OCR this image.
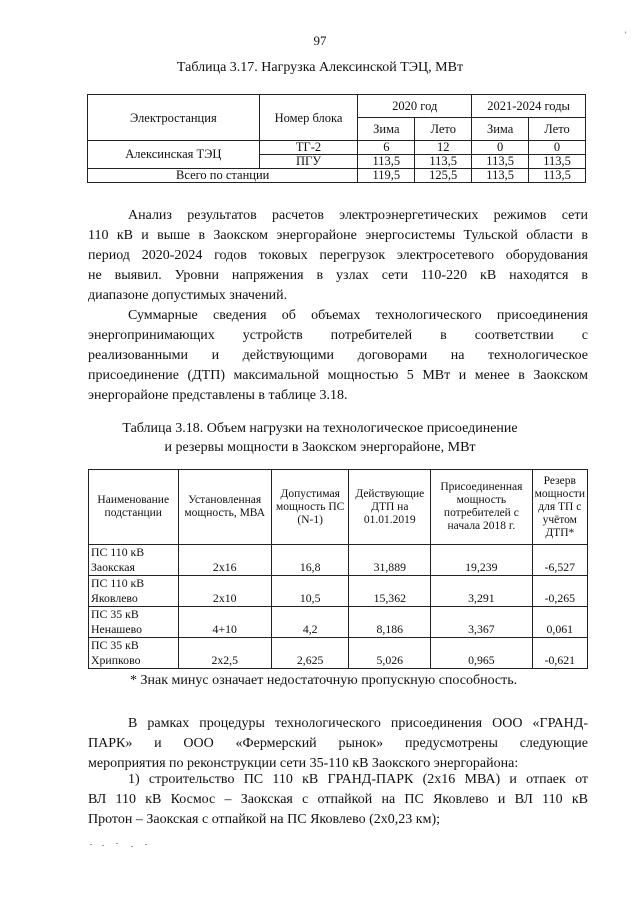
97	ʼ
Таблица 3.17. Нагрузка Алексинской ТЭЦ, МВт
Электростанция	Номер блока	2020 год		2021-2024 годы	
		Зима	Лето	Зима	Лето
Алексинская ТЭЦ	ТГ-2	6	12	0	0
	ПГУ	113,5	113,5	113,5	113,5
Всего по станции		119,5	125,5	113,5	113,5
Анализ результатов расчетов электроэнергетических режимов сети
110 кВ и выше в Заокском энергорайоне энергосистемы Тульской области в
период 2020-2024 годов токовых перегрузок электросетевого оборудования
не выявил. Уровни напряжения в узлах сети 110-220 кВ находятся в
диапазоне допустимых значений.
Суммарные сведения об объемах технологического присоединения
энергопринимающих устройств потребителей в соответствии с
реализованными и действующими договорами на технологическое
присоединение (ДТП) максимальной мощностью 5 МВт и менее в Заокском
энергорайоне представлены в таблице 3.18.
Таблица 3.18. Объем нагрузки на технологическое присоединение
и резервы мощности в Заокском энергорайоне, МВт
Наименование подстанции	Установленная мощность, МВА	Допустимая мощность ПС (N-1)	Действующие ДТП на 01.01.2019	Присоединенная мощность потребителей с начала 2018 г.	Резерв мощности для ТП с учётом ДТП*

ПС 110 кВ
Заокская	2х16	16,8	31,889	19,239	-6,527

ПС 110 кВ
Яковлево	2х10	10,5	15,362	3,291	-0,265

ПС 35 кВ
Ненашево	4+10	4,2	8,186	3,367	0,061

ПС 35 кВ
Хрипково	2х2,5	2,625	5,026	0,965	-0,621
* Знак минус означает недостаточную пропускную способность.
В рамках процедуры технологического присоединения ООО «ГРАНД-
ПАРК» и ООО «Фермерский рынок» предусмотрены следующие
мероприятия по реконструкции сети 35-110 кВ Заокского энергорайона:
1) строительство ПС 110 кВ ГРАНД-ПАРК (2х16 МВА) и отпаек от
ВЛ 110 кВ Космос – Заокская с отпайкой на ПС Яковлево и ВЛ 110 кВ
Протон – Заокская с отпайкой на ПС Яковлево (2х0,23 км);
